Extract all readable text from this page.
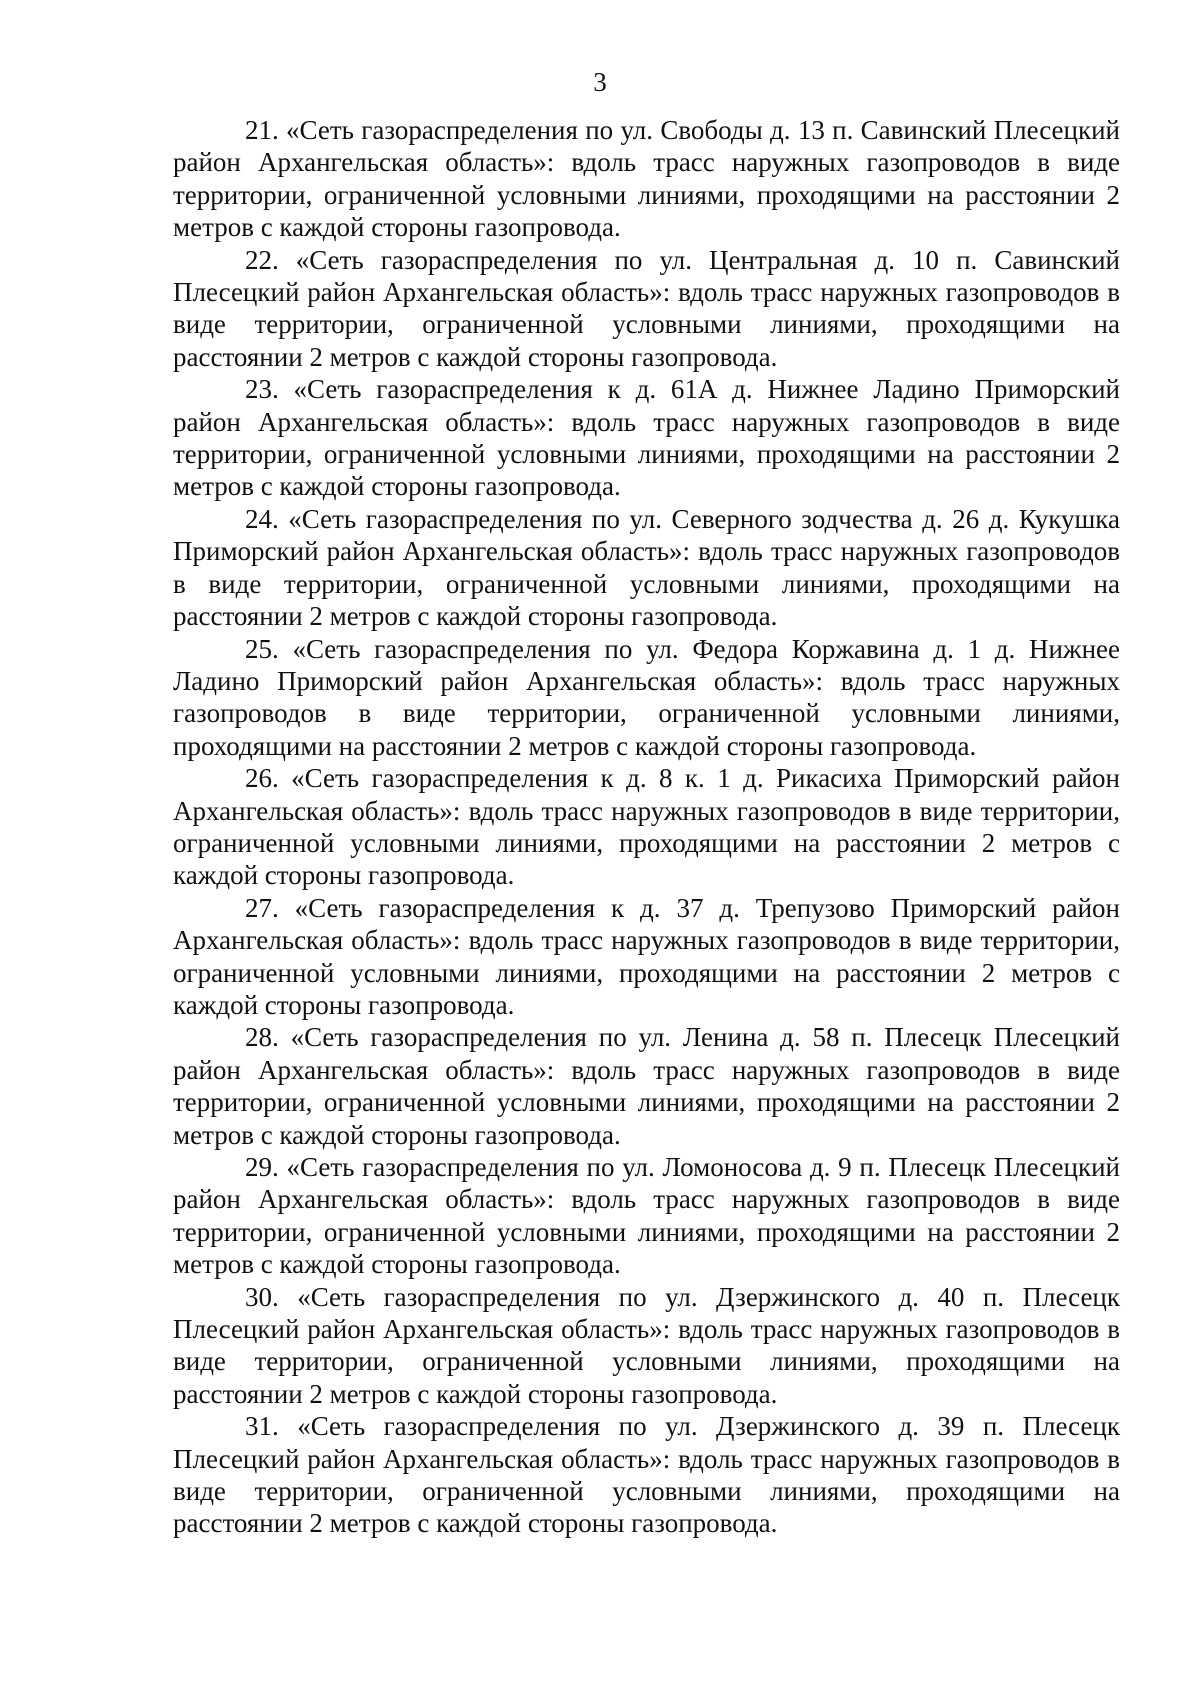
3

21. «Сеть газораспределения по ул. Свободы д. 13 п. Савинский Плесецкий район Архангельская область»: вдоль трасс наружных газопроводов в виде территории, ограниченной условными линиями, проходящими на расстоянии 2 метров с каждой стороны газопровода.

22. «Сеть газораспределения по ул. Центральная д. 10 п. Савинский Плесецкий район Архангельская область»: вдоль трасс наружных газопроводов в виде территории, ограниченной условными линиями, проходящими на расстоянии 2 метров с каждой стороны газопровода.

23. «Сеть газораспределения к д. 61А д. Нижнее Ладино Приморский район Архангельская область»: вдоль трасс наружных газопроводов в виде территории, ограниченной условными линиями, проходящими на расстоянии 2 метров с каждой стороны газопровода.

24. «Сеть газораспределения по ул. Северного зодчества д. 26 д. Кукушка Приморский район Архангельская область»: вдоль трасс наружных газопроводов в виде территории, ограниченной условными линиями, проходящими на расстоянии 2 метров с каждой стороны газопровода.

25. «Сеть газораспределения по ул. Федора Коржавина д. 1 д. Нижнее Ладино Приморский район Архангельская область»: вдоль трасс наружных газопроводов в виде территории, ограниченной условными линиями, проходящими на расстоянии 2 метров с каждой стороны газопровода.

26. «Сеть газораспределения к д. 8 к. 1 д. Рикасиха Приморский район Архангельская область»: вдоль трасс наружных газопроводов в виде территории, ограниченной условными линиями, проходящими на расстоянии 2 метров с каждой стороны газопровода.

27. «Сеть газораспределения к д. 37 д. Трепузово Приморский район Архангельская область»: вдоль трасс наружных газопроводов в виде территории, ограниченной условными линиями, проходящими на расстоянии 2 метров с каждой стороны газопровода.

28. «Сеть газораспределения по ул. Ленина д. 58 п. Плесецк Плесецкий район Архангельская область»: вдоль трасс наружных газопроводов в виде территории, ограниченной условными линиями, проходящими на расстоянии 2 метров с каждой стороны газопровода.

29. «Сеть газораспределения по ул. Ломоносова д. 9 п. Плесецк Плесецкий район Архангельская область»: вдоль трасс наружных газопроводов в виде территории, ограниченной условными линиями, проходящими на расстоянии 2 метров с каждой стороны газопровода.

30. «Сеть газораспределения по ул. Дзержинского д. 40 п. Плесецк Плесецкий район Архангельская область»: вдоль трасс наружных газопроводов в виде территории, ограниченной условными линиями, проходящими на расстоянии 2 метров с каждой стороны газопровода.

31. «Сеть газораспределения по ул. Дзержинского д. 39 п. Плесецк Плесецкий район Архангельская область»: вдоль трасс наружных газопроводов в виде территории, ограниченной условными линиями, проходящими на расстоянии 2 метров с каждой стороны газопровода.
